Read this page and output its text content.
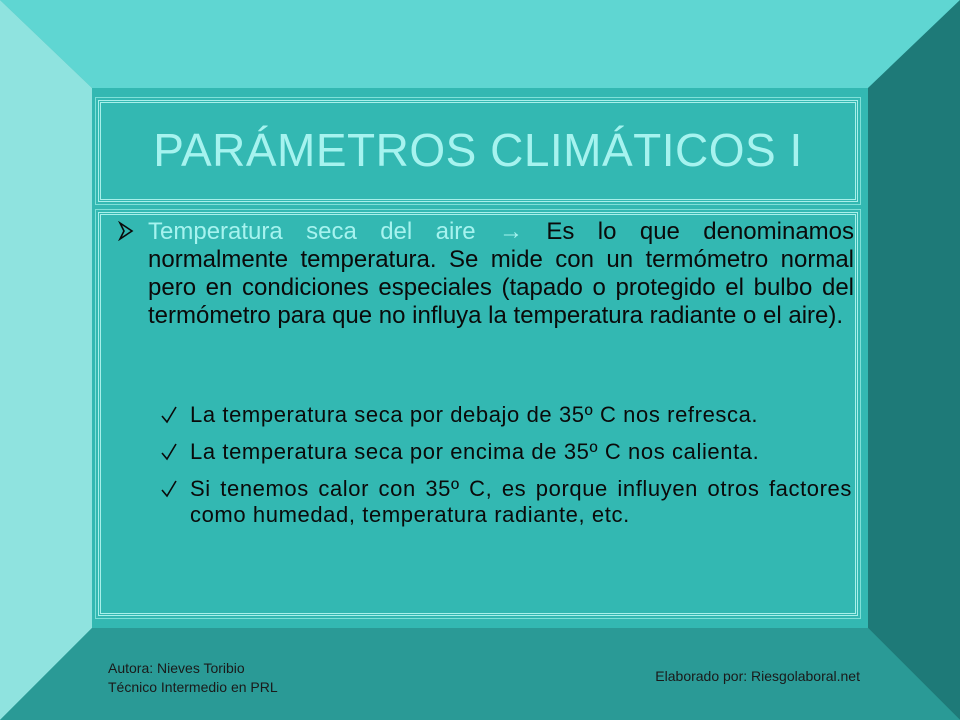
PARÁMETROS CLIMÁTICOS I
Temperatura seca del aire → Es lo que denominamos normalmente temperatura. Se mide con un termómetro normal pero en condiciones especiales (tapado o protegido el bulbo del termómetro para que no influya la temperatura radiante o el aire).
La temperatura seca por debajo de 35º C nos refresca.
La temperatura seca por encima de 35º C nos calienta.
Si tenemos calor con 35º C, es porque influyen otros factores como humedad, temperatura radiante, etc.
Autora: Nieves Toribio
Técnico Intermedio en PRL
Elaborado por: Riesgolaboral.net
